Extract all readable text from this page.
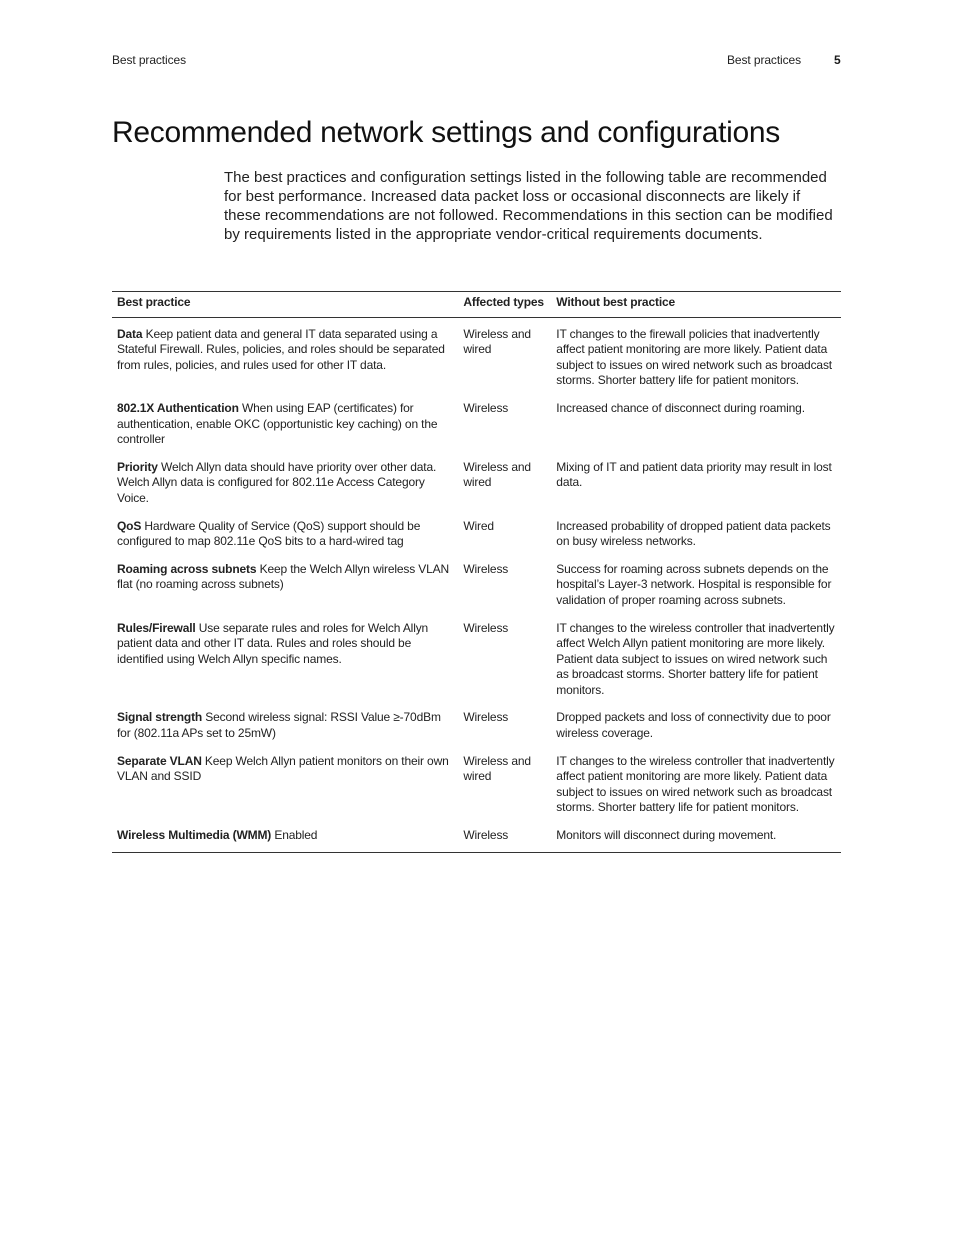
Best practices	Best practices	5
Recommended network settings and configurations

The best practices and configuration settings listed in the following table are recommended for best performance. Increased data packet loss or occasional disconnects are likely if these recommendations are not followed. Recommendations in this section can be modified by requirements listed in the appropriate vendor-critical requirements documents.

Best practice	Affected types	Without best practice
Data Keep patient data and general IT data separated using a Stateful Firewall. Rules, policies, and roles should be separated from rules, policies, and rules used for other IT data.	Wireless and wired	IT changes to the firewall policies that inadvertently affect patient monitoring are more likely. Patient data subject to issues on wired network such as broadcast storms. Shorter battery life for patient monitors.
802.1X Authentication When using EAP (certificates) for authentication, enable OKC (opportunistic key caching) on the controller	Wireless	Increased chance of disconnect during roaming.
Priority Welch Allyn data should have priority over other data. Welch Allyn data is configured for 802.11e Access Category Voice.	Wireless and wired	Mixing of IT and patient data priority may result in lost data.
QoS Hardware Quality of Service (QoS) support should be configured to map 802.11e QoS bits to a hard-wired tag	Wired	Increased probability of dropped patient data packets on busy wireless networks.
Roaming across subnets Keep the Welch Allyn wireless VLAN flat (no roaming across subnets)	Wireless	Success for roaming across subnets depends on the hospital’s Layer-3 network. Hospital is responsible for validation of proper roaming across subnets.
Rules/Firewall Use separate rules and roles for Welch Allyn patient data and other IT data. Rules and roles should be identified using Welch Allyn specific names.	Wireless	IT changes to the wireless controller that inadvertently affect Welch Allyn patient monitoring are more likely. Patient data subject to issues on wired network such as broadcast storms. Shorter battery life for patient monitors.
Signal strength Second wireless signal: RSSI Value ≥-70dBm for (802.11a APs set to 25mW)	Wireless	Dropped packets and loss of connectivity due to poor wireless coverage.
Separate VLAN Keep Welch Allyn patient monitors on their own VLAN and SSID	Wireless and wired	IT changes to the wireless controller that inadvertently affect patient monitoring are more likely. Patient data subject to issues on wired network such as broadcast storms. Shorter battery life for patient monitors.
Wireless Multimedia (WMM) Enabled	Wireless	Monitors will disconnect during movement.
